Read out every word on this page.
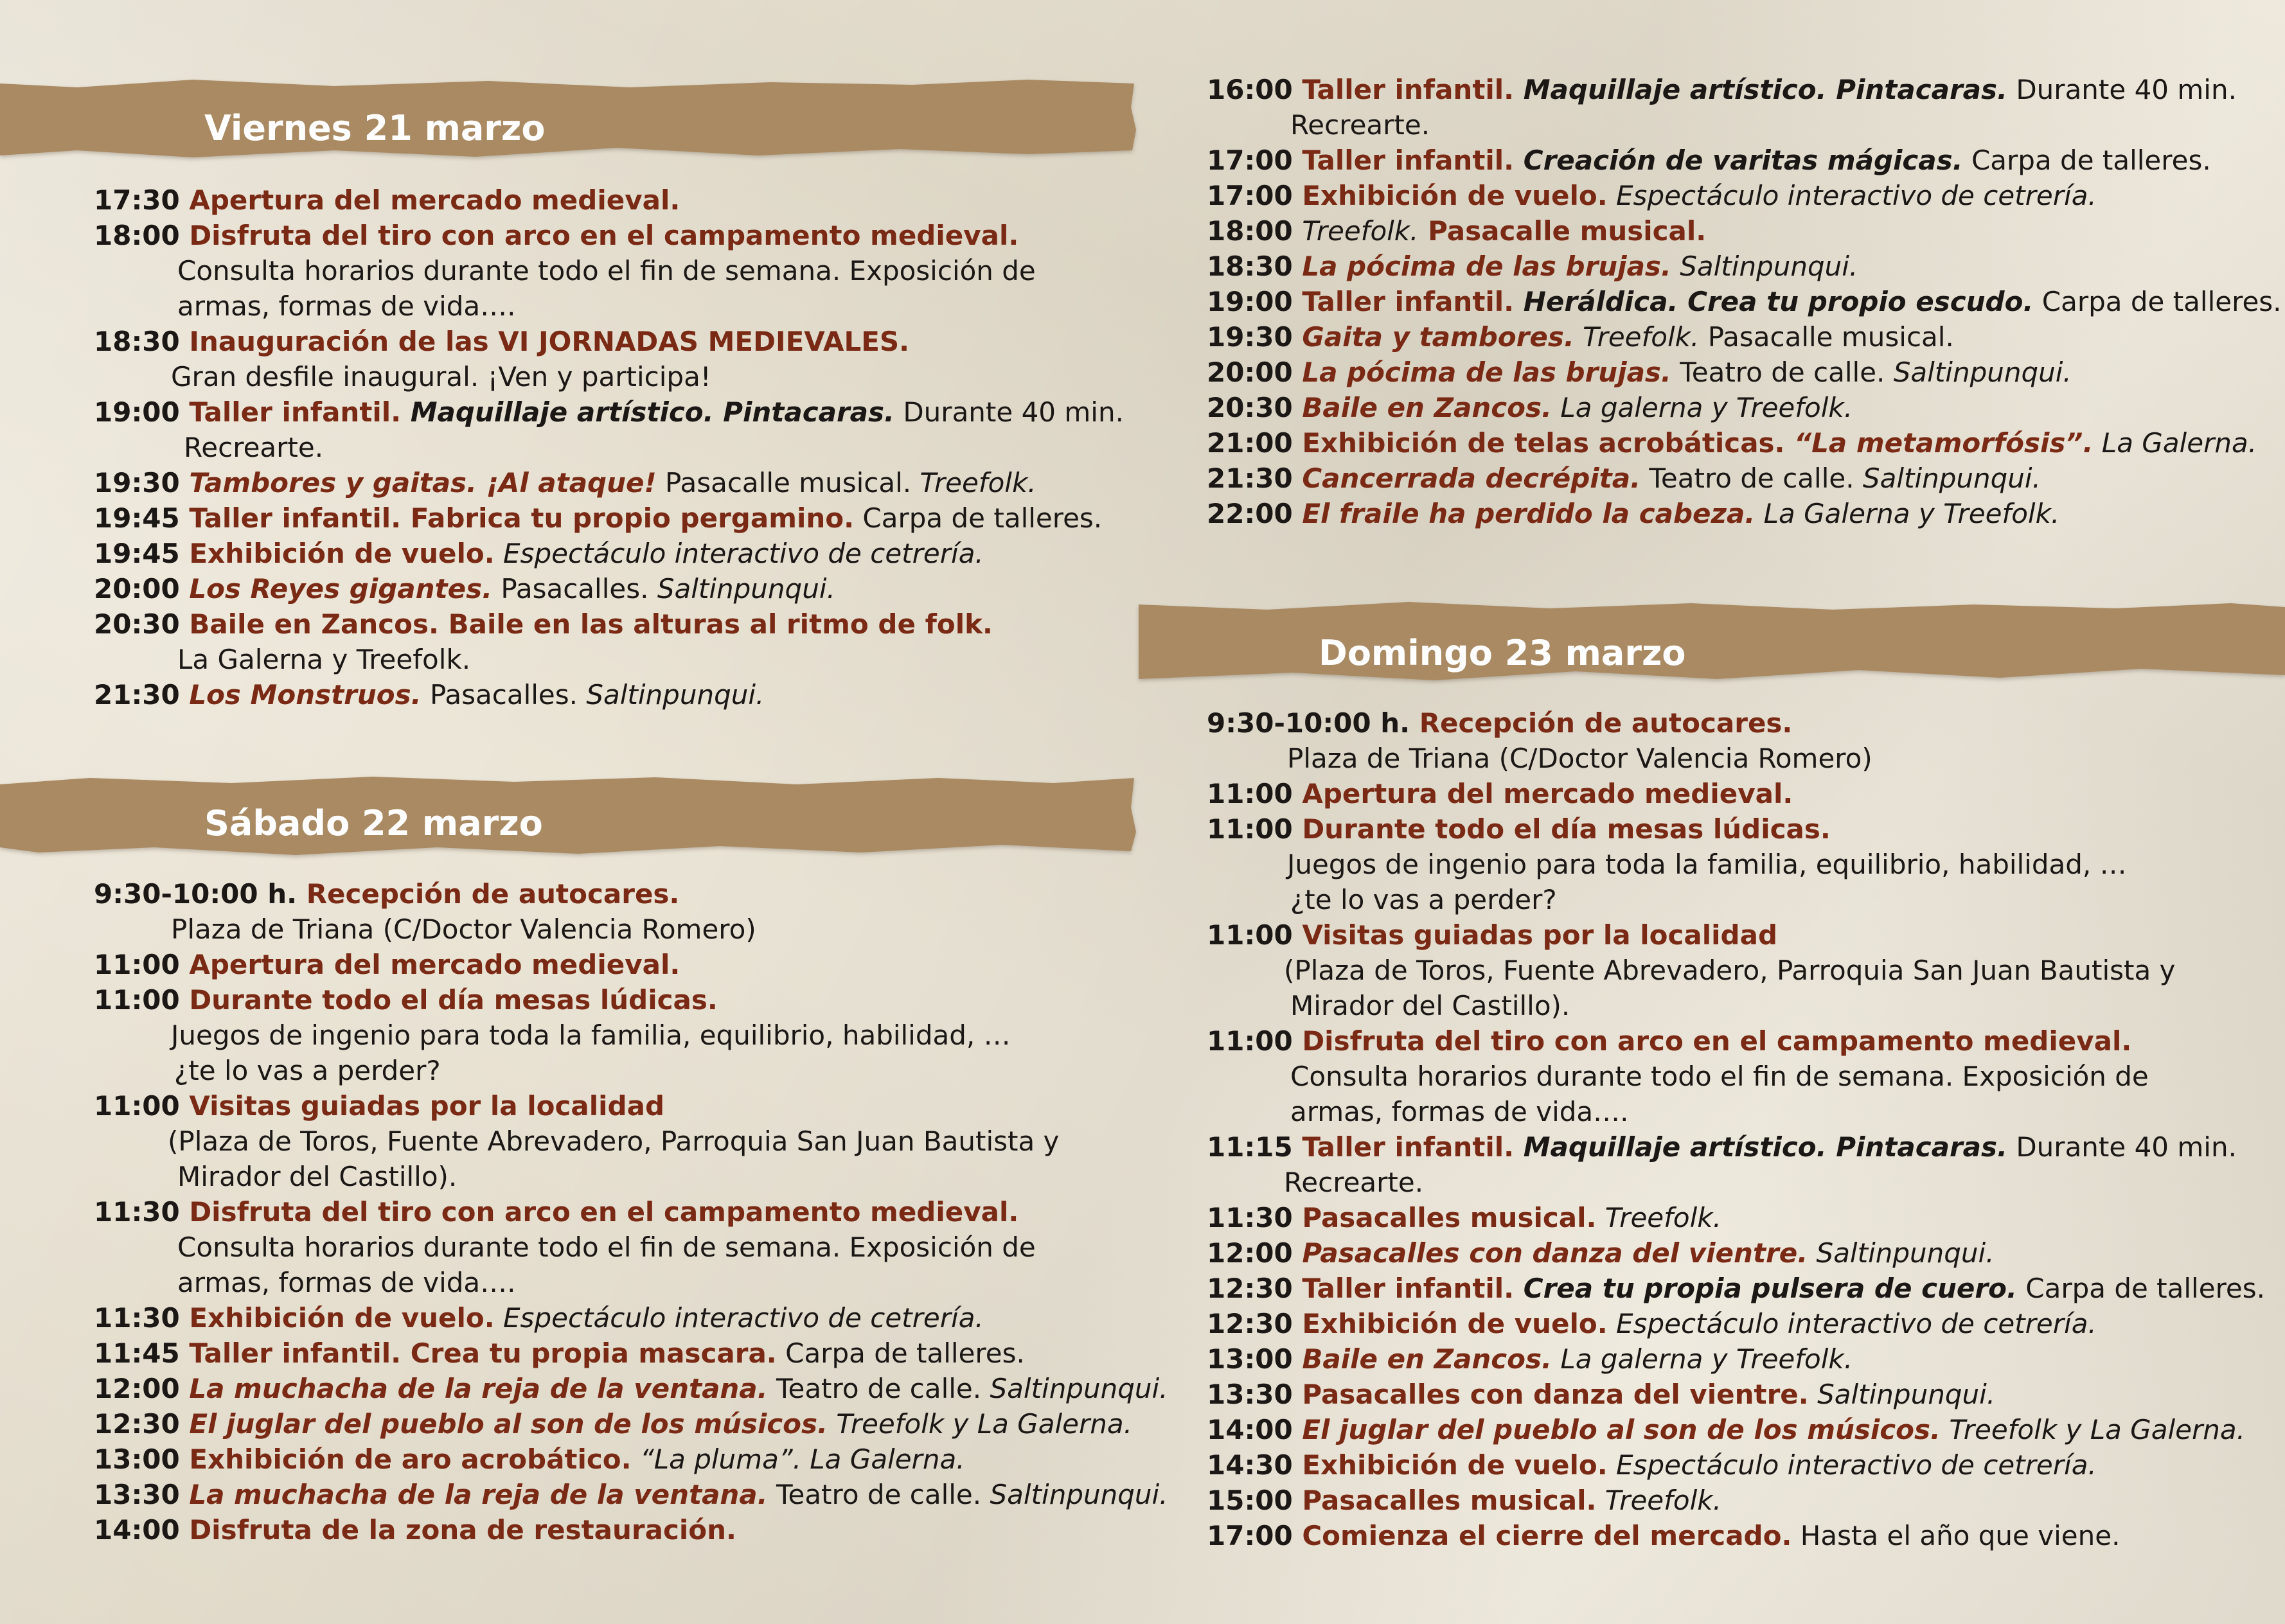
Viernes 21 marzo
Sábado 22 marzo
Domingo 23 marzo
17:30 Apertura del mercado medieval.
18:00 Disfruta del tiro con arco en el campamento medieval.
Consulta horarios durante todo el fin de semana. Exposición de
armas, formas de vida….
18:30 Inauguración de las VI JORNADAS MEDIEVALES.
Gran desfile inaugural. ¡Ven y participa!
19:00 Taller infantil. Maquillaje artístico. Pintacaras. Durante 40 min.
Recrearte.
19:30 Tambores y gaitas. ¡Al ataque! Pasacalle musical. Treefolk.
19:45 Taller infantil. Fabrica tu propio pergamino. Carpa de talleres.
19:45 Exhibición de vuelo. Espectáculo interactivo de cetrería.
20:00 Los Reyes gigantes. Pasacalles. Saltinpunqui.
20:30 Baile en Zancos. Baile en las alturas al ritmo de folk.
La Galerna y Treefolk.
21:30 Los Monstruos. Pasacalles. Saltinpunqui.
9:30-10:00 h. Recepción de autocares.
Plaza de Triana (C/Doctor Valencia Romero)
11:00 Apertura del mercado medieval.
11:00 Durante todo el día mesas lúdicas.
Juegos de ingenio para toda la familia, equilibrio, habilidad, …
¿te lo vas a perder?
11:00 Visitas guiadas por la localidad
(Plaza de Toros, Fuente Abrevadero, Parroquia San Juan Bautista y
Mirador del Castillo).
11:30 Disfruta del tiro con arco en el campamento medieval.
Consulta horarios durante todo el fin de semana. Exposición de
armas, formas de vida….
11:30 Exhibición de vuelo. Espectáculo interactivo de cetrería.
11:45 Taller infantil. Crea tu propia mascara. Carpa de talleres.
12:00 La muchacha de la reja de la ventana. Teatro de calle. Saltinpunqui.
12:30 El juglar del pueblo al son de los músicos. Treefolk y La Galerna.
13:00 Exhibición de aro acrobático. “La pluma”. La Galerna.
13:30 La muchacha de la reja de la ventana. Teatro de calle. Saltinpunqui.
14:00 Disfruta de la zona de restauración.
16:00 Taller infantil. Maquillaje artístico. Pintacaras. Durante 40 min.
Recrearte.
17:00 Taller infantil. Creación de varitas mágicas. Carpa de talleres.
17:00 Exhibición de vuelo. Espectáculo interactivo de cetrería.
18:00 Treefolk. Pasacalle musical.
18:30 La pócima de las brujas. Saltinpunqui.
19:00 Taller infantil. Heráldica. Crea tu propio escudo. Carpa de talleres.
19:30 Gaita y tambores. Treefolk. Pasacalle musical.
20:00 La pócima de las brujas. Teatro de calle. Saltinpunqui.
20:30 Baile en Zancos. La galerna y Treefolk.
21:00 Exhibición de telas acrobáticas. “La metamorfósis”. La Galerna.
21:30 Cancerrada decrépita. Teatro de calle. Saltinpunqui.
22:00 El fraile ha perdido la cabeza. La Galerna y Treefolk.
9:30-10:00 h. Recepción de autocares.
Plaza de Triana (C/Doctor Valencia Romero)
11:00 Apertura del mercado medieval.
11:00 Durante todo el día mesas lúdicas.
Juegos de ingenio para toda la familia, equilibrio, habilidad, …
¿te lo vas a perder?
11:00 Visitas guiadas por la localidad
(Plaza de Toros, Fuente Abrevadero, Parroquia San Juan Bautista y
Mirador del Castillo).
11:00 Disfruta del tiro con arco en el campamento medieval.
Consulta horarios durante todo el fin de semana. Exposición de
armas, formas de vida….
11:15 Taller infantil. Maquillaje artístico. Pintacaras. Durante 40 min.
Recrearte.
11:30 Pasacalles musical. Treefolk.
12:00 Pasacalles con danza del vientre. Saltinpunqui.
12:30 Taller infantil. Crea tu propia pulsera de cuero. Carpa de talleres.
12:30 Exhibición de vuelo. Espectáculo interactivo de cetrería.
13:00 Baile en Zancos. La galerna y Treefolk.
13:30 Pasacalles con danza del vientre. Saltinpunqui.
14:00 El juglar del pueblo al son de los músicos. Treefolk y La Galerna.
14:30 Exhibición de vuelo. Espectáculo interactivo de cetrería.
15:00 Pasacalles musical. Treefolk.
17:00 Comienza el cierre del mercado. Hasta el año que viene.
